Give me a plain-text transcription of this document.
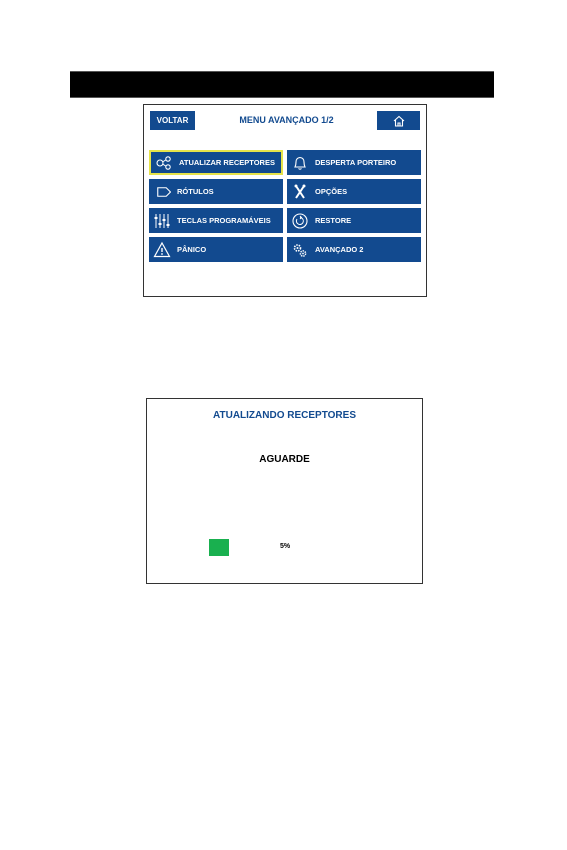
VOLTAR	MENU AVANÇADO 1/2
ATUALIZAR RECEPTORES	DESPERTA PORTEIRO
RÓTULOS	OPÇÕES
TECLAS PROGRAMÁVEIS	RESTORE
PÂNICO	AVANÇADO 2
ATUALIZANDO RECEPTORES
AGUARDE
5%
